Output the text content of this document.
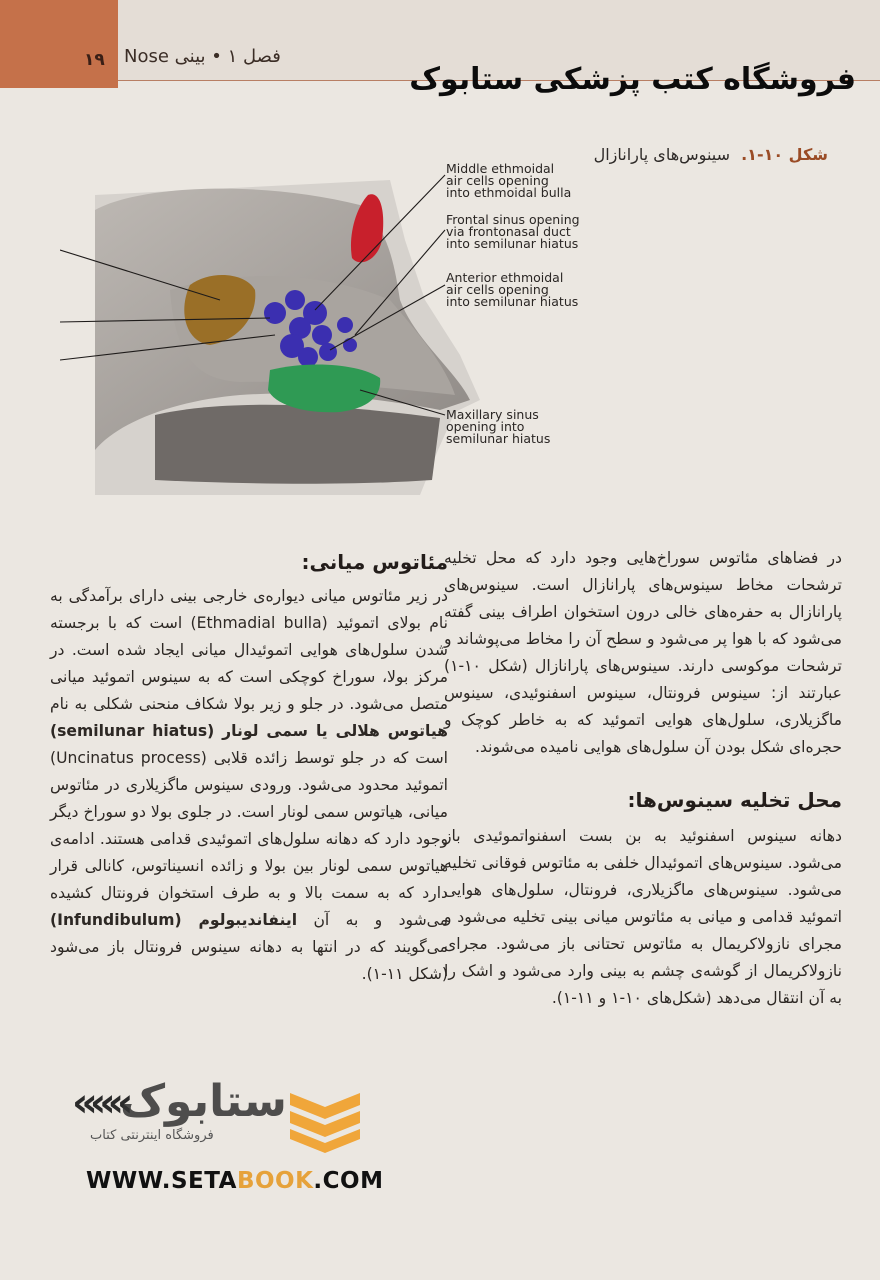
۱۹ فصل ۱ • بینی Nose
فروشگاه کتب پزشکی ستابوک
شکل ۱۰-۱. سینوس‌های پارانازال
Middle ethmoidal
air cells opening
into ethmoidal bulla
Frontal sinus opening
via frontonasal duct
into semilunar hiatus
Anterior ethmoidal
air cells opening
into semilunar hiatus
Maxillary sinus
opening into
semilunar hiatus

در فضاهای مئاتوس سوراخ‌هایی وجود دارد که محل تخلیه ترشحات مخاط سینوس‌های پارانازال است. سینوس‌های پارانازال به حفره‌های خالی درون استخوان اطراف بینی گفته می‌شود که با هوا پر می‌شود و سطح آن را مخاط می‌پوشاند و ترشحات موکوسی دارند. سینوس‌های پارانازال (شکل ۱۰-۱) عبارتند از: سینوس فرونتال، سینوس اسفنوئیدی، سینوس ماگزیلاری، سلول‌های هوایی اتموئید که به خاطر کوچک و حجره‌ای شکل بودن آن سلول‌های هوایی نامیده می‌شوند.

محل تخلیه سینوس‌ها:

دهانه سینوس اسفنوئید به بن بست اسفنواتموئیدی باز می‌شود. سینوس‌های اتموئیدال خلفی به مئاتوس فوقانی تخلیه می‌شود. سینوس‌های ماگزیلاری، فرونتال، سلول‌های هوایی اتموئید قدامی و میانی به مئاتوس میانی بینی تخلیه می‌شود و مجرای نازولاکریمال به مئاتوس تحتانی باز می‌شود. مجرای نازولاکریمال از گوشه‌ی چشم به بینی وارد می‌شود و اشک را به آن انتقال می‌دهد (شکل‌های ۱۰-۱ و ۱۱-۱).

مئاتوس میانی:

در زیر مئاتوس میانی دیواره‌ی خارجی بینی دارای برآمدگی به نام بولای اتموئید (Ethmadial bulla) است که با برجسته شدن سلول‌های هوایی اتموئیدال میانی ایجاد شده است. در مرکز بولا، سوراخ کوچکی است که به سینوس اتموئید میانی متصل می‌شود. در جلو و زیر بولا شکاف منحنی شکلی به نام هیاتوس هلالی یا سمی لونار (semilunar hiatus) است که در جلو توسط زائده قلابی (Uncinatus process) اتموئید محدود می‌شود. ورودی سینوس ماگزیلاری در مئاتوس میانی، هیاتوس سمی لونار است. در جلوی بولا دو سوراخ دیگر وجود دارد که دهانه سلول‌های اتموئیدی قدامی هستند. ادامه‌ی هیاتوس سمی لونار بین بولا و زائده انسیناتوس، کانالی قرار دارد که به سمت بالا و به طرف استخوان فرونتال کشیده می‌شود و به آن اینفاندیبولوم (Infundibulum) می‌گویند که در انتها به دهانه سینوس فرونتال باز می‌شود (شکل ۱۱-۱).

«««
ستابوک
فروشگاه اینترنتی کتاب
WWW.SETABOOK.COM
